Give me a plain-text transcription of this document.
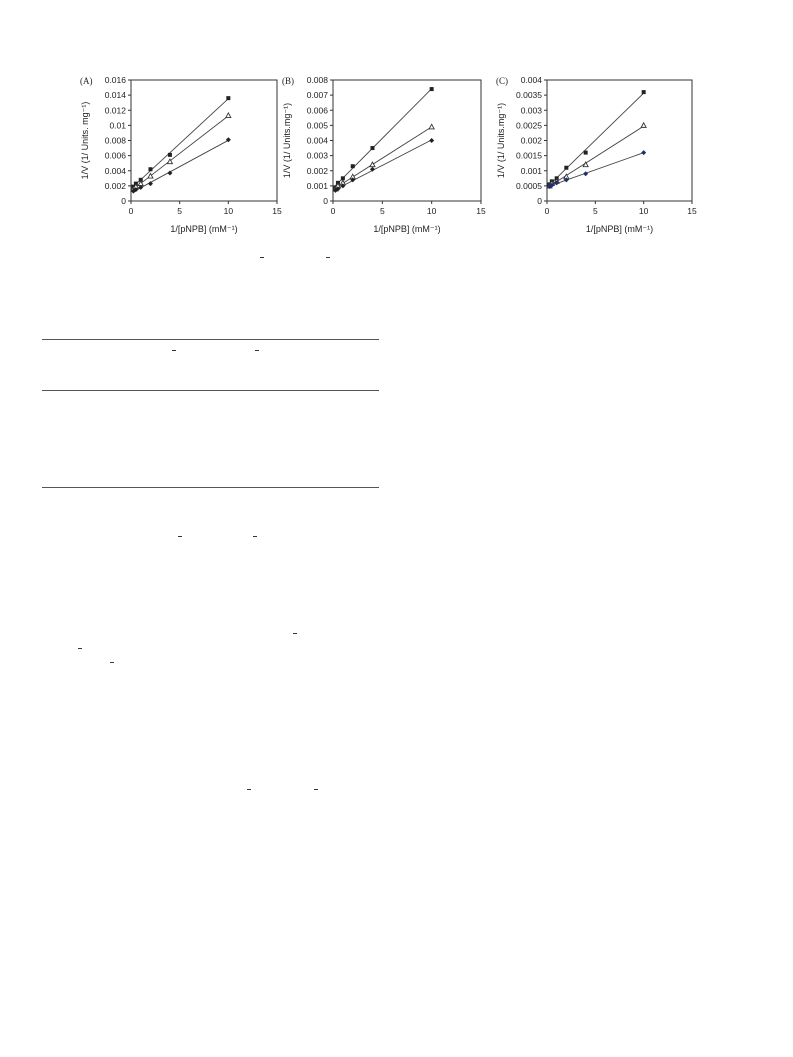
0
0.002
0.004
0.006
0.008
0.01
0.012
0.014
0.016
0	5	10	15
(A)
1/[pNPB] (mM⁻¹)
1/V (1/ Units. mg⁻¹)
0
0.001
0.002
0.003
0.004
0.005
0.006
0.007
0.008
0	5	10	15
(B)
1/[pNPB] (mM⁻¹)
1/V (1/ Units.mg⁻¹)
0
0.0005
0.001
0.0015
0.002
0.0025
0.003
0.0035
0.004
0	5	10	15
(C)
1/[pNPB] (mM⁻¹)
1/V (1/ Units.mg⁻¹)
